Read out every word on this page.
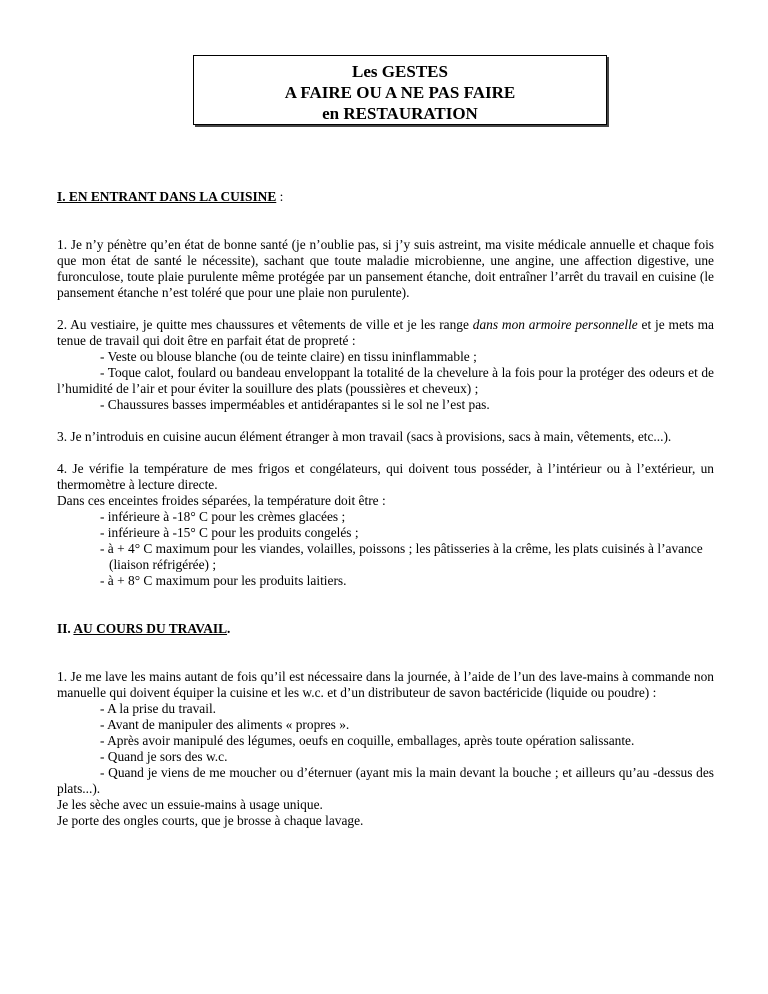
Les GESTES
A FAIRE OU A NE PAS FAIRE
en RESTAURATION
I. EN ENTRANT DANS LA CUISINE :

1. Je n’y pénètre qu’en état de bonne santé (je n’oublie pas, si j’y suis astreint, ma visite médicale annuelle et chaque fois que mon état de santé le nécessite), sachant que toute maladie microbienne, une angine, une affection digestive, une furonculose, toute plaie purulente même protégée par un pansement étanche, doit entraîner l’arrêt du travail en cuisine (le pansement étanche n’est toléré que pour une plaie non purulente).

2. Au vestiaire, je quitte mes chaussures et vêtements de ville et je les range dans mon armoire personnelle et je mets ma tenue de travail qui doit être en parfait état de propreté :

- Veste ou blouse blanche (ou de teinte claire) en tissu ininflammable ;

- Toque calot, foulard ou bandeau enveloppant la totalité de la chevelure à la fois pour la protéger des odeurs et de l’humidité de l’air et pour éviter la souillure des plats (poussières et cheveux) ;

- Chaussures basses imperméables et antidérapantes si le sol ne l’est pas.

3. Je n’introduis en cuisine aucun élément étranger à mon travail (sacs à provisions, sacs à main, vêtements, etc...).

4. Je vérifie la température de mes frigos et congélateurs, qui doivent tous posséder, à l’intérieur ou à l’extérieur, un thermomètre à lecture directe.

Dans ces enceintes froides séparées, la température doit être :

- inférieure à -18° C pour les crèmes glacées ;

- inférieure à -15° C pour les produits congelés ;

- à + 4° C maximum pour les viandes, volailles, poissons ; les pâtisseries à la crême, les plats cuisinés à l’avance (liaison réfrigérée) ;

- à + 8° C maximum pour les produits laitiers.

II. AU COURS DU TRAVAIL.

1. Je me lave les mains autant de fois qu’il est nécessaire dans la journée, à l’aide de l’un des lave-mains à commande non manuelle qui doivent équiper la cuisine et les w.c. et d’un distributeur de savon bactéricide (liquide ou poudre) :

- A la prise du travail.

- Avant de manipuler des aliments « propres ».

- Après avoir manipulé des légumes, oeufs en coquille, emballages, après toute opération salissante.

- Quand je sors des w.c.

- Quand je viens de me moucher ou d’éternuer (ayant mis la main devant la bouche ; et ailleurs qu’au -dessus des plats...).

Je les sèche avec un essuie-mains à usage unique.

Je porte des ongles courts, que je brosse à chaque lavage.
